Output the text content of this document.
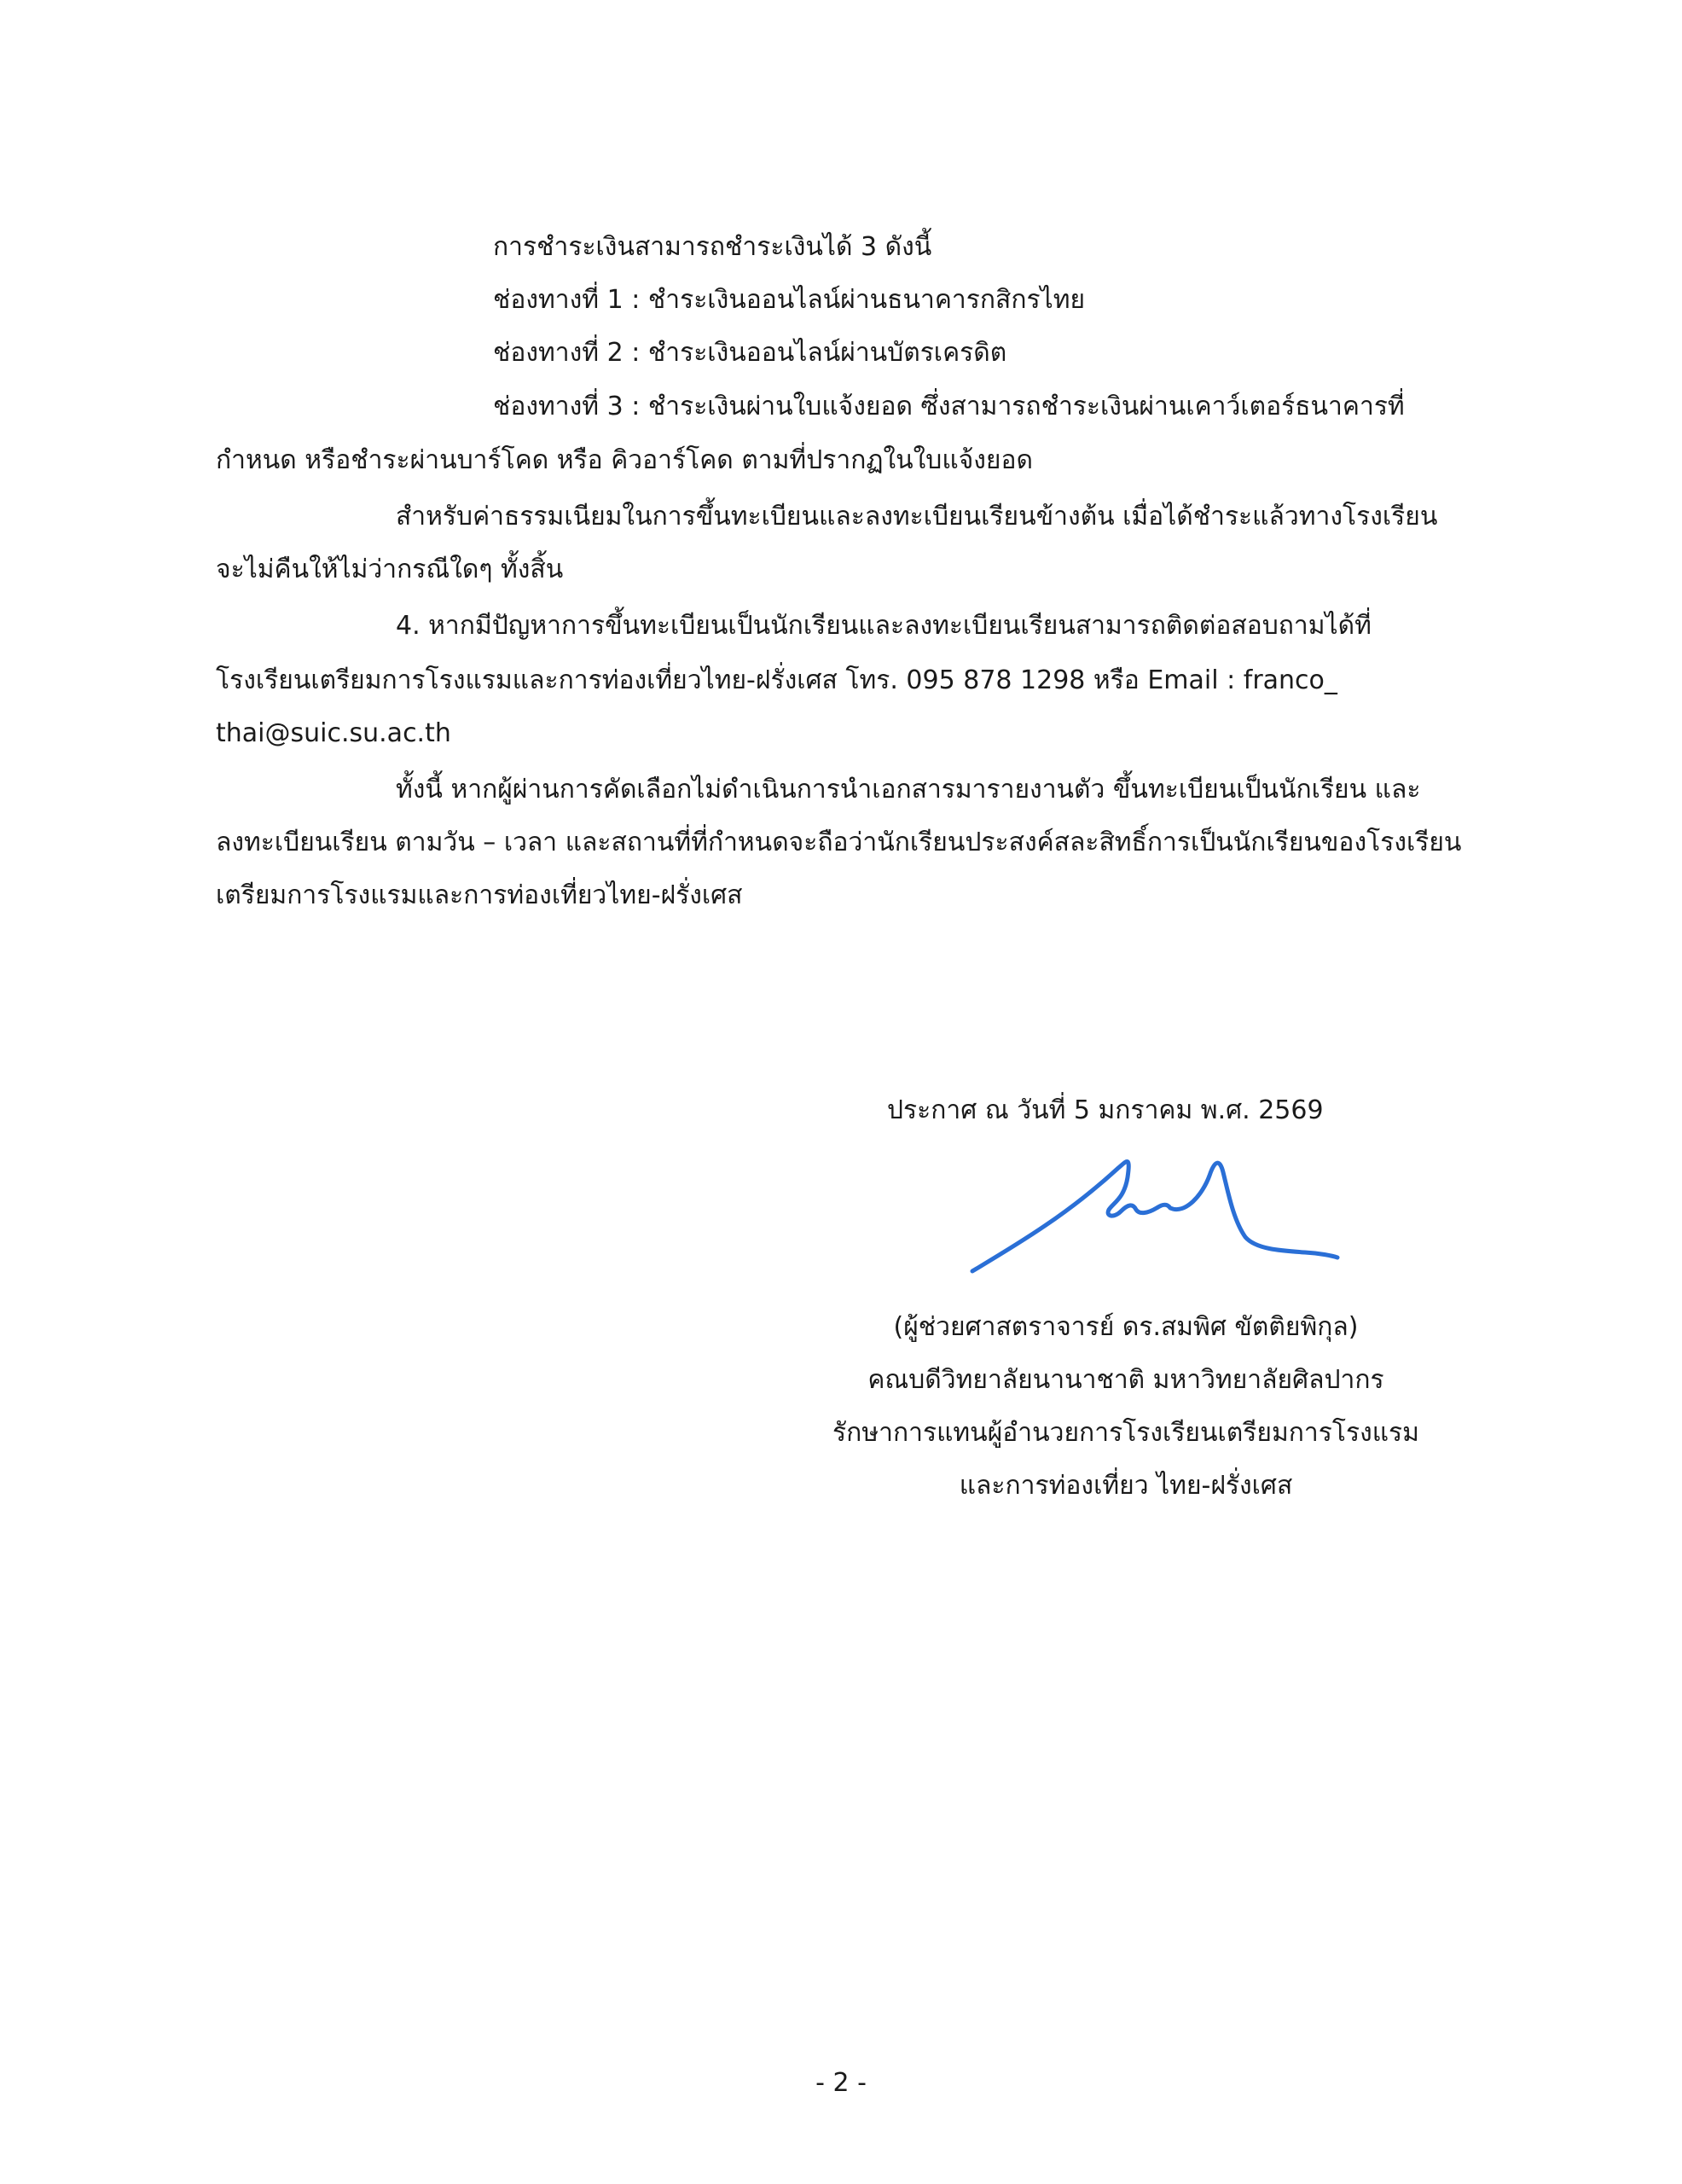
การชำระเงินสามารถชำระเงินได้ 3 ดังนี้
ช่องทางที่ 1 : ชำระเงินออนไลน์ผ่านธนาคารกสิกรไทย
ช่องทางที่ 2 : ชำระเงินออนไลน์ผ่านบัตรเครดิต
ช่องทางที่ 3 : ชำระเงินผ่านใบแจ้งยอด ซึ่งสามารถชำระเงินผ่านเคาว์เตอร์ธนาคารที่
กำหนด หรือชำระผ่านบาร์โคด หรือ คิวอาร์โคด ตามที่ปรากฏในใบแจ้งยอด
สำหรับค่าธรรมเนียมในการขึ้นทะเบียนและลงทะเบียนเรียนข้างต้น เมื่อได้ชำระแล้วทางโรงเรียน
จะไม่คืนให้ไม่ว่ากรณีใดๆ ทั้งสิ้น
4. หากมีปัญหาการขึ้นทะเบียนเป็นนักเรียนและลงทะเบียนเรียนสามารถติดต่อสอบถามได้ที่
โรงเรียนเตรียมการโรงแรมและการท่องเที่ยวไทย-ฝรั่งเศส โทร. 095 878 1298 หรือ Email : franco_
thai@suic.su.ac.th
ทั้งนี้ หากผู้ผ่านการคัดเลือกไม่ดำเนินการนำเอกสารมารายงานตัว ขึ้นทะเบียนเป็นนักเรียน และ
ลงทะเบียนเรียน ตามวัน – เวลา และสถานที่ที่กำหนดจะถือว่านักเรียนประสงค์สละสิทธิ์การเป็นนักเรียนของโรงเรียน
เตรียมการโรงแรมและการท่องเที่ยวไทย-ฝรั่งเศส
ประกาศ ณ วันที่ 5 มกราคม พ.ศ. 2569
(ผู้ช่วยศาสตราจารย์ ดร.สมพิศ ขัตติยพิกุล)
คณบดีวิทยาลัยนานาชาติ มหาวิทยาลัยศิลปากร
รักษาการแทนผู้อำนวยการโรงเรียนเตรียมการโรงแรม
และการท่องเที่ยว ไทย-ฝรั่งเศส
- 2 -
